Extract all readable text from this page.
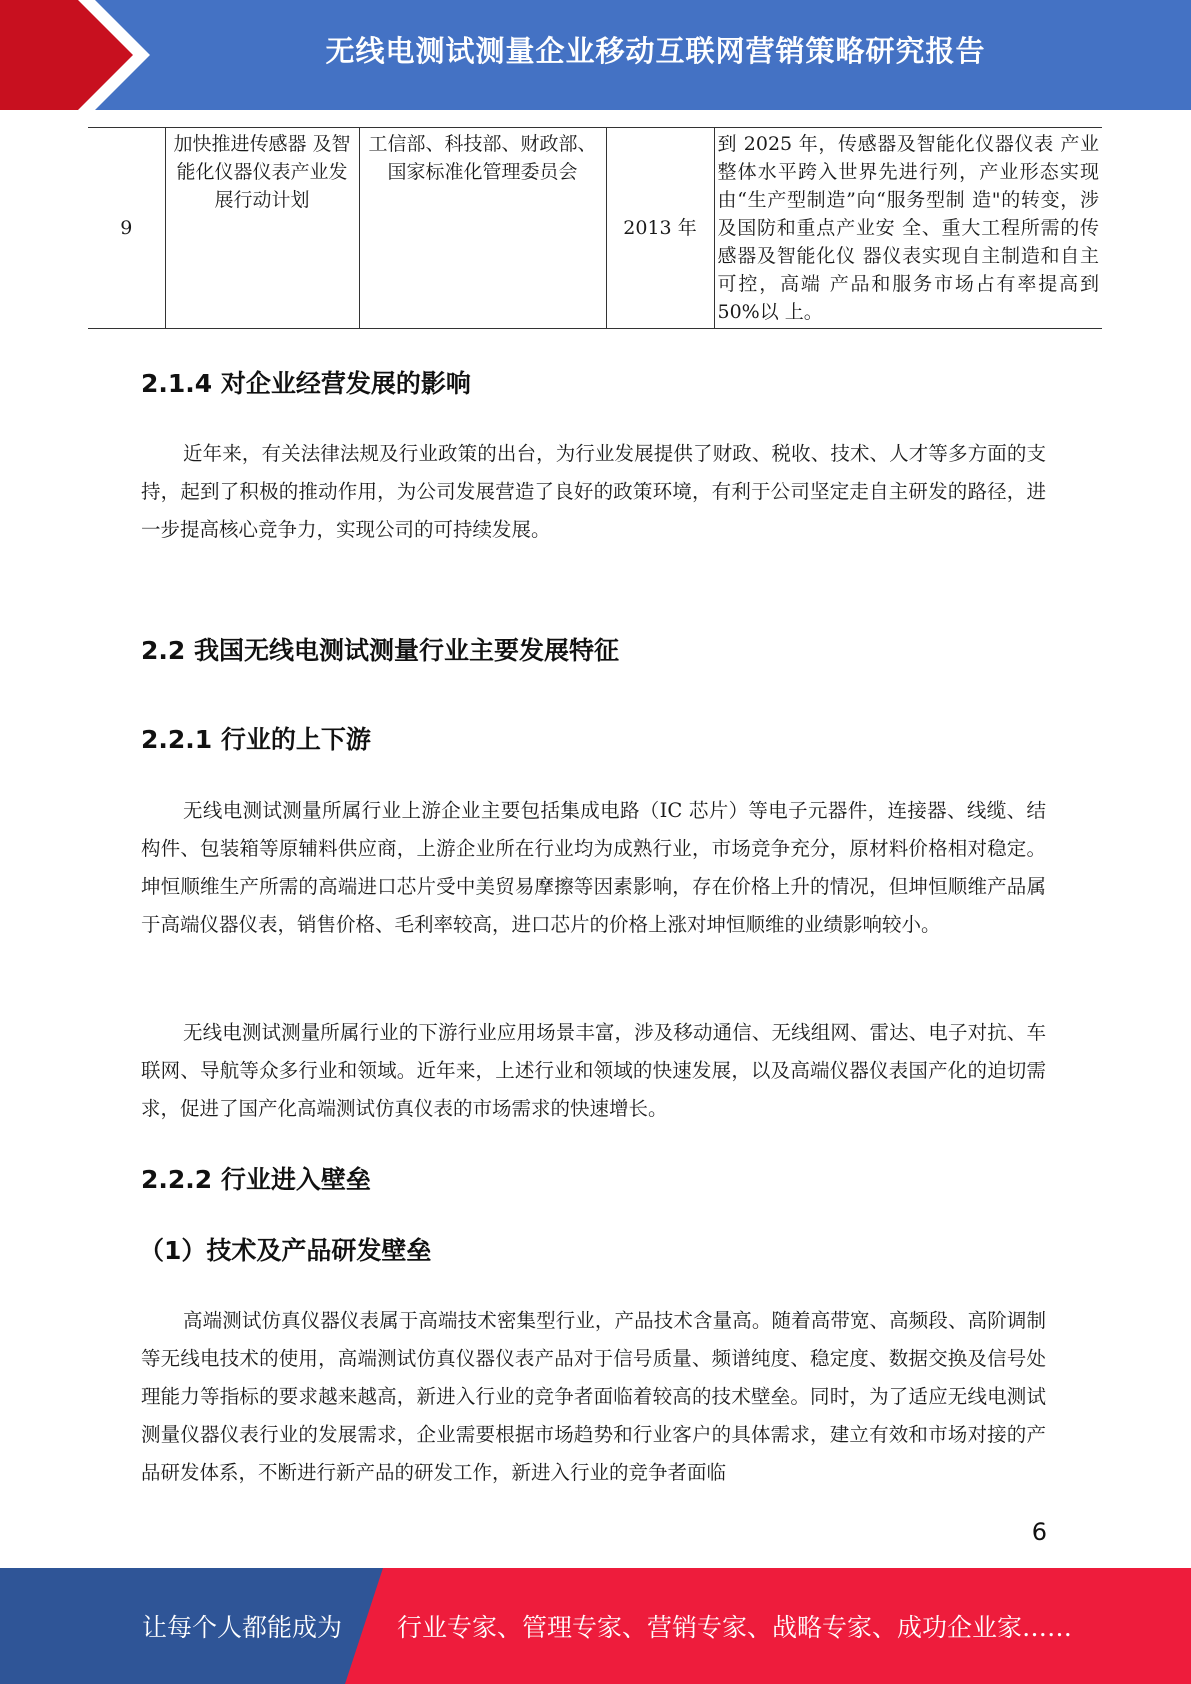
无线电测试测量企业移动互联网营销策略研究报告
9	加快推进传感器 及智能化仪器仪表产业发展行动计划	工信部、科技部、财政部、国家标准化管理委员会	2013 年	到 2025 年，传感器及智能化仪器仪表 产业整体水平跨入世界先进行列，产业形态实现由“生产型制造”向“服务型制 造"的转变，涉及国防和重点产业安 全、重大工程所需的传感器及智能化仪 器仪表实现自主制造和自主可控，高端 产品和服务市场占有率提高到 50%以 上。
2.1.4 对企业经营发展的影响

近年来，有关法律法规及行业政策的出台，为行业发展提供了财政、税收、技术、人才等多方面的支持，起到了积极的推动作用，为公司发展营造了良好的政策环境，有利于公司坚定走自主研发的路径，进一步提高核心竞争力，实现公司的可持续发展。

2.2 我国无线电测试测量行业主要发展特征
2.2.1 行业的上下游

无线电测试测量所属行业上游企业主要包括集成电路（IC 芯片）等电子元器件，连接器、线缆、结构件、包装箱等原辅料供应商，上游企业所在行业均为成熟行业，市场竞争充分，原材料价格相对稳定。坤恒顺维生产所需的高端进口芯片受中美贸易摩擦等因素影响，存在价格上升的情况，但坤恒顺维产品属于高端仪器仪表，销售价格、毛利率较高，进口芯片的价格上涨对坤恒顺维的业绩影响较小。

无线电测试测量所属行业的下游行业应用场景丰富，涉及移动通信、无线组网、雷达、电子对抗、车联网、导航等众多行业和领域。近年来，上述行业和领域的快速发展，以及高端仪器仪表国产化的迫切需求，促进了国产化高端测试仿真仪表的市场需求的快速增长。

2.2.2 行业进入壁垒
（1）技术及产品研发壁垒

高端测试仿真仪器仪表属于高端技术密集型行业，产品技术含量高。随着高带宽、高频段、高阶调制等无线电技术的使用，高端测试仿真仪器仪表产品对于信号质量、频谱纯度、稳定度、数据交换及信号处理能力等指标的要求越来越高，新进入行业的竞争者面临着较高的技术壁垒。同时，为了适应无线电测试测量仪器仪表行业的发展需求，企业需要根据市场趋势和行业客户的具体需求，建立有效和市场对接的产品研发体系，不断进行新产品的研发工作，新进入行业的竞争者面临

6
让每个人都能成为 行业专家、管理专家、营销专家、战略专家、成功企业家……
